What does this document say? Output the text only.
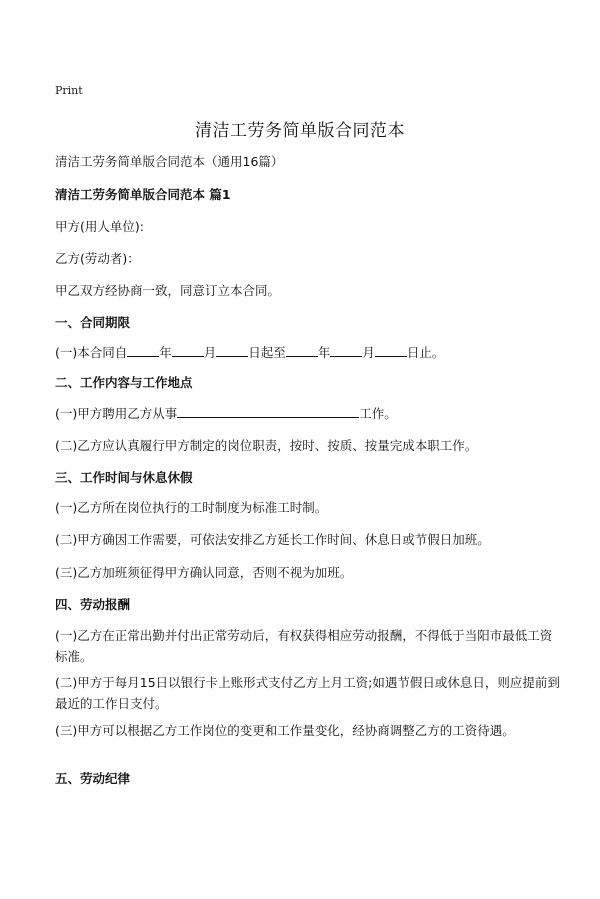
Print
清洁工劳务简单版合同范本
清洁工劳务简单版合同范本（通用16篇）
清洁工劳务简单版合同范本 篇1
甲方(用人单位):
乙方(劳动者)：
甲乙双方经协商一致，同意订立本合同。
一、合同期限
(一)本合同自	年	月	日起至	年	月	日止。
二、工作内容与工作地点
(一)甲方聘用乙方从事	工作。
(二)乙方应认真履行甲方制定的岗位职责，按时、按质、按量完成本职工作。
三、工作时间与休息休假
(一)乙方所在岗位执行的工时制度为标准工时制。
(二)甲方确因工作需要，可依法安排乙方延长工作时间、休息日或节假日加班。
(三)乙方加班须征得甲方确认同意，否则不视为加班。
四、劳动报酬
(一)乙方在正常出勤并付出正常劳动后，有权获得相应劳动报酬，不得低于当阳市最低工资标准。
(二)甲方于每月15日以银行卡上账形式支付乙方上月工资;如遇节假日或休息日，则应提前到最近的工作日支付。
(三)甲方可以根据乙方工作岗位的变更和工作量变化，经协商调整乙方的工资待遇。
五、劳动纪律
